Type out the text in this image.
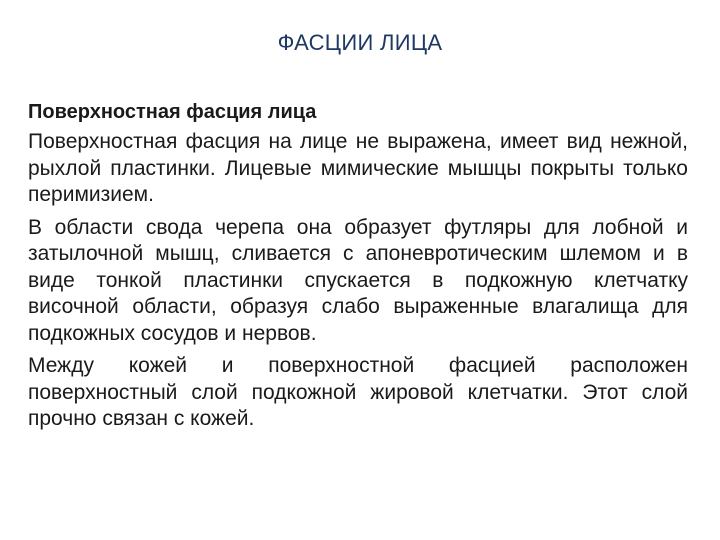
ФАСЦИИ ЛИЦА
Поверхностная фасция лица

Поверхностная фасция на лице не выражена, имеет вид нежной, рыхлой пластинки. Лицевые мимические мышцы покрыты только перимизием.

В области свода черепа она образует футляры для лобной и затылочной мышц, сливается с апоневротическим шлемом и в виде тонкой пластинки спускается в подкожную клетчатку височной области, образуя слабо выраженные влагалища для подкожных сосудов и нервов.

Между кожей и поверхностной фасцией расположен поверхностный слой подкожной жировой клетчатки. Этот слой прочно связан с кожей.
